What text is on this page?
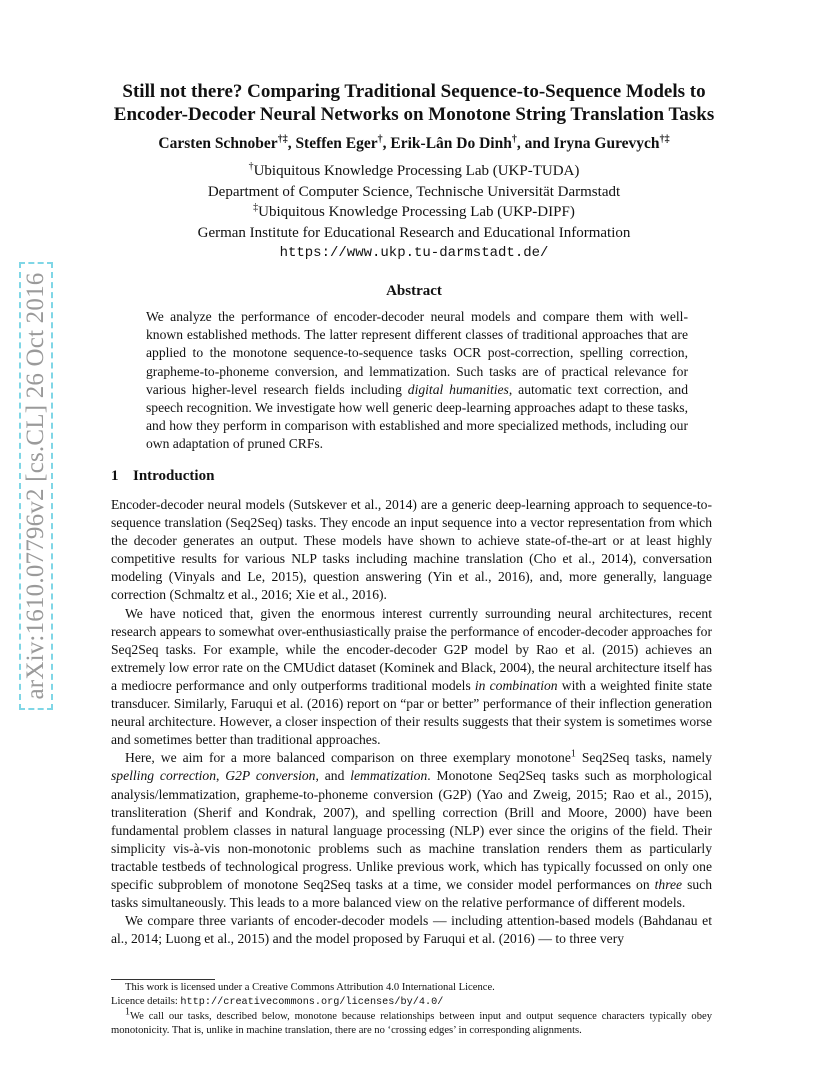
arXiv:1610.07796v2 [cs.CL] 26 Oct 2016
Still not there? Comparing Traditional Sequence-to-Sequence Models to
Encoder-Decoder Neural Networks on Monotone String Translation Tasks
Carsten Schnober†‡, Steffen Eger†, Erik-Lân Do Dinh†, and Iryna Gurevych†‡
†Ubiquitous Knowledge Processing Lab (UKP-TUDA)
Department of Computer Science, Technische Universität Darmstadt
‡Ubiquitous Knowledge Processing Lab (UKP-DIPF)
German Institute for Educational Research and Educational Information
https://www.ukp.tu-darmstadt.de/
Abstract

We analyze the performance of encoder-decoder neural models and compare them with well-known established methods. The latter represent different classes of traditional approaches that are applied to the monotone sequence-to-sequence tasks OCR post-correction, spelling correction, grapheme-to-phoneme conversion, and lemmatization. Such tasks are of practical relevance for various higher-level research fields including digital humanities, automatic text correction, and speech recognition. We investigate how well generic deep-learning approaches adapt to these tasks, and how they perform in comparison with established and more specialized methods, including our own adaptation of pruned CRFs.

1 Introduction

Encoder-decoder neural models (Sutskever et al., 2014) are a generic deep-learning approach to sequence-to-sequence translation (Seq2Seq) tasks. They encode an input sequence into a vector representation from which the decoder generates an output. These models have shown to achieve state-of-the-art or at least highly competitive results for various NLP tasks including machine translation (Cho et al., 2014), conversation modeling (Vinyals and Le, 2015), question answering (Yin et al., 2016), and, more generally, language correction (Schmaltz et al., 2016; Xie et al., 2016).

We have noticed that, given the enormous interest currently surrounding neural architectures, recent research appears to somewhat over-enthusiastically praise the performance of encoder-decoder approaches for Seq2Seq tasks. For example, while the encoder-decoder G2P model by Rao et al. (2015) achieves an extremely low error rate on the CMUdict dataset (Kominek and Black, 2004), the neural architecture itself has a mediocre performance and only outperforms traditional models in combination with a weighted finite state transducer. Similarly, Faruqui et al. (2016) report on “par or better” performance of their inflection generation neural architecture. However, a closer inspection of their results suggests that their system is sometimes worse and sometimes better than traditional approaches.

Here, we aim for a more balanced comparison on three exemplary monotone$^1$ Seq2Seq tasks, namely spelling correction, G2P conversion, and lemmatization. Monotone Seq2Seq tasks such as morphological analysis/lemmatization, grapheme-to-phoneme conversion (G2P) (Yao and Zweig, 2015; Rao et al., 2015), transliteration (Sherif and Kondrak, 2007), and spelling correction (Brill and Moore, 2000) have been fundamental problem classes in natural language processing (NLP) ever since the origins of the field. Their simplicity vis-à-vis non-monotonic problems such as machine translation renders them as particularly tractable testbeds of technological progress. Unlike previous work, which has typically focussed on only one specific subproblem of monotone Seq2Seq tasks at a time, we consider model performances on three such tasks simultaneously. This leads to a more balanced view on the relative performance of different models.

We compare three variants of encoder-decoder models — including attention-based models (Bahdanau et al., 2014; Luong et al., 2015) and the model proposed by Faruqui et al. (2016) — to three very

This work is licensed under a Creative Commons Attribution 4.0 International Licence.

Licence details: http://creativecommons.org/licenses/by/4.0/

$^1$We call our tasks, described below, monotone because relationships between input and output sequence characters typically obey monotonicity. That is, unlike in machine translation, there are no ‘crossing edges’ in corresponding alignments.
